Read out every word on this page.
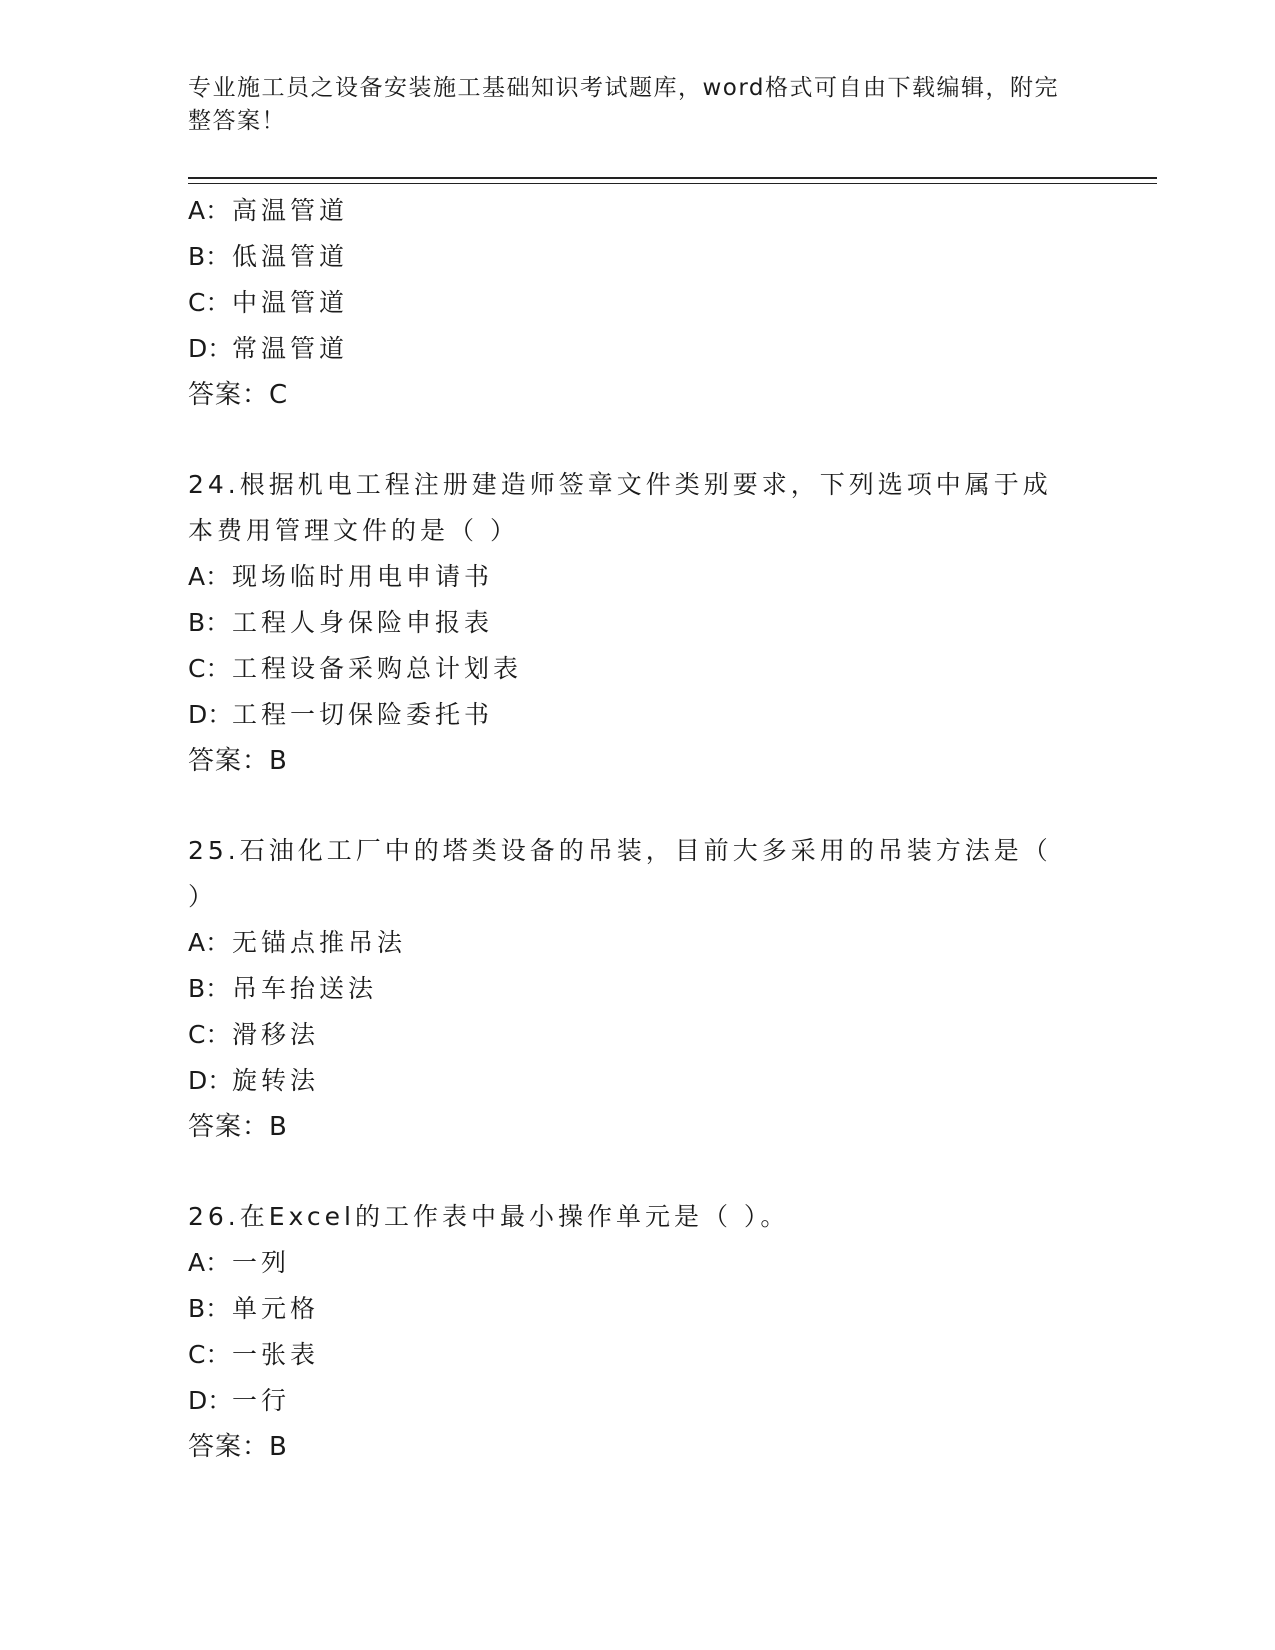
专业施工员之设备安装施工基础知识考试题库，word格式可自由下载编辑，附完整答案！
A： 高温管道
B： 低温管道
C： 中温管道
D： 常温管道
答案：C
24.根据机电工程注册建造师签章文件类别要求，下列选项中属于成本费用管理文件的是（ ）
A： 现场临时用电申请书
B： 工程人身保险申报表
C： 工程设备采购总计划表
D： 工程一切保险委托书
答案：B
25.石油化工厂中的塔类设备的吊装，目前大多采用的吊装方法是（ ）
A： 无锚点推吊法
B： 吊车抬送法
C： 滑移法
D： 旋转法
答案：B
26.在Excel的工作表中最小操作单元是（ ）。
A： 一列
B： 单元格
C： 一张表
D： 一行
答案：B
